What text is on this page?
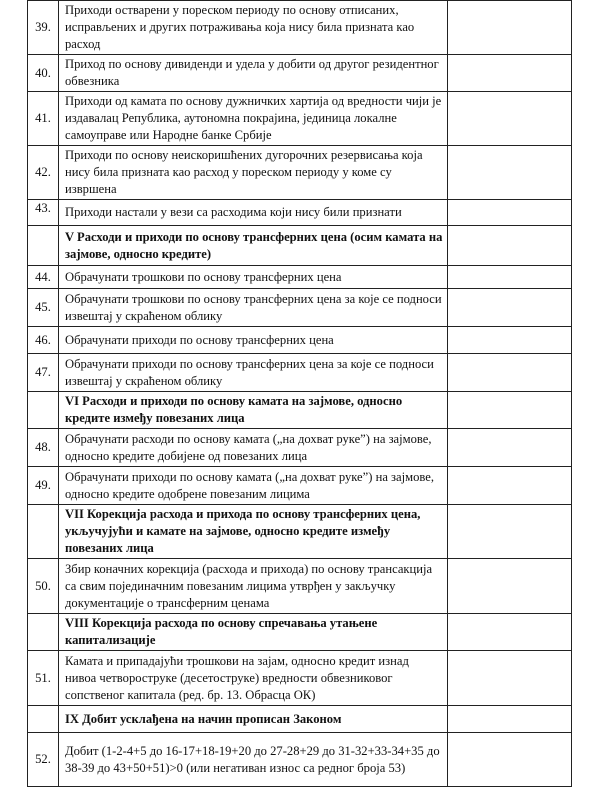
39.	Приходи остварени у пореском периоду по основу отписаних, исправљених и других потраживања која нису била призната као расход	
40.	Приход по основу дивиденди и удела у добити од другог резидентног обвезника	
41.	Приходи од камата по основу дужничких хартија од вредности чији је издавалац Република, аутономна покрајина, јединица локалне самоуправе или Народне банке Србије	
42.	Приходи по основу неискоришћених дугорочних резервисања која нису била призната као расход у пореском периоду у коме су извршена	
43.	Приходи настали у вези са расходима који нису били признати	
	V Расходи и приходи по основу трансферних цена (осим камата на зајмове, односно кредите)	
44.	Обрачунати трошкови по основу трансферних цена	
45.	Обрачунати трошкови по основу трансферних цена за које се подноси извештај у скраћеном облику	
46.	Обрачунати приходи по основу трансферних цена	
47.	Обрачунати приходи по основу трансферних цена за које се подноси извештај у скраћеном облику	
	VI Расходи и приходи по основу камата на зајмове, односно кредите између повезаних лица	
48.	Обрачунати расходи по основу камата („на дохват руке”) на зајмове, односно кредите добијене од повезаних лица	
49.	Обрачунати приходи по основу камата („на дохват руке”) на зајмове, односно кредите одобрене повезаним лицима	
	VII Корекција расхода и прихода по основу трансферних цена, укључујући и камате на зајмове, односно кредите између повезаних лица	
50.	Збир коначних корекција (расхода и прихода) по основу трансакција са свим појединачним повезаним лицима утврђен у закључку документације о трансферним ценама	
	VIII Корекција расхода по основу спречавања утањене капитализације	
51.	Камата и припадајући трошкови на зајам, односно кредит изнад нивоа четвороструке (десетоструке) вредности обвезниковог сопственог капитала (ред. бр. 13. Обрасца ОК)	
	IX Добит усклађена на начин прописан Законом	
52.	Добит (1-2-4+5 до 16-17+18-19+20 до 27-28+29 до 31-32+33-34+35 до 38-39 до 43+50+51)>0 (или негативан износ са редног броја 53)	
